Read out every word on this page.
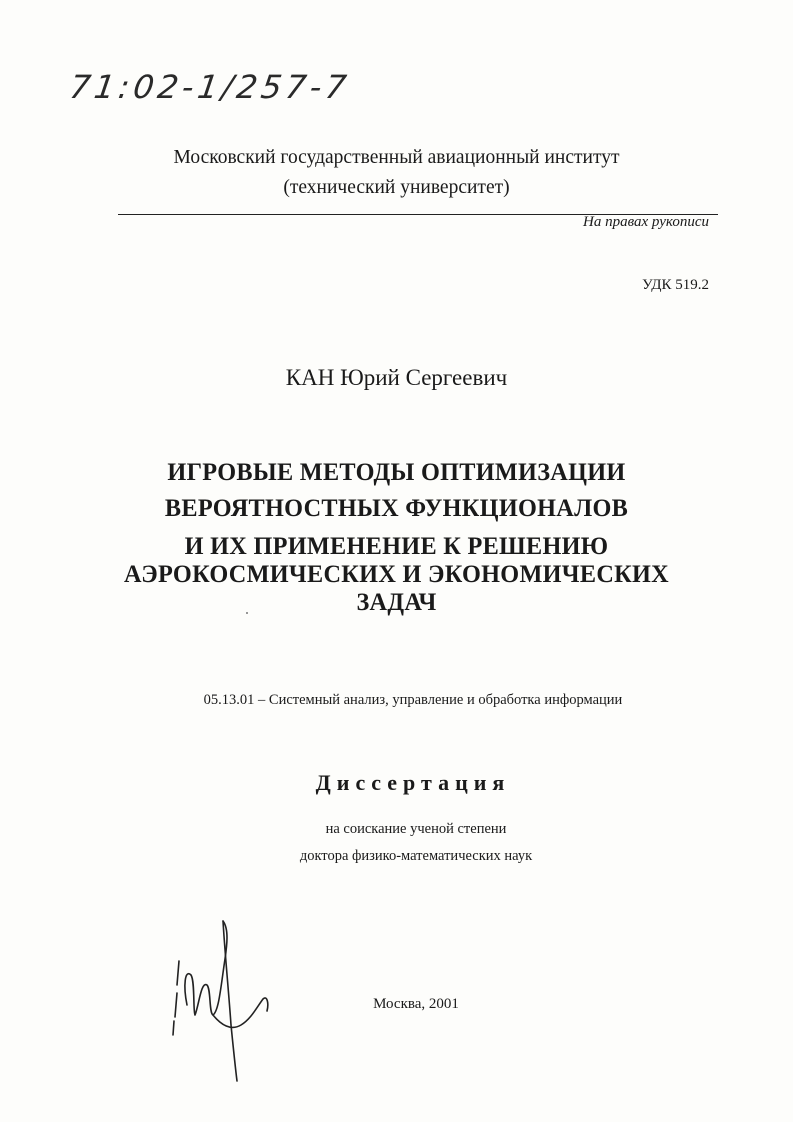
71:02-1/257-7
Московский государственный авиационный институт
(технический университет)
На правах рукописи
УДК 519.2
КАН Юрий Сергеевич
ИГРОВЫЕ МЕТОДЫ ОПТИМИЗАЦИИ
ВЕРОЯТНОСТНЫХ ФУНКЦИОНАЛОВ
И ИХ ПРИМЕНЕНИЕ К РЕШЕНИЮ
АЭРОКОСМИЧЕСКИХ И ЭКОНОМИЧЕСКИХ
ЗАДАЧ
05.13.01 – Системный анализ, управление и обработка информации
Диссертация
на соискание ученой степени
доктора физико-математических наук
Москва, 2001
